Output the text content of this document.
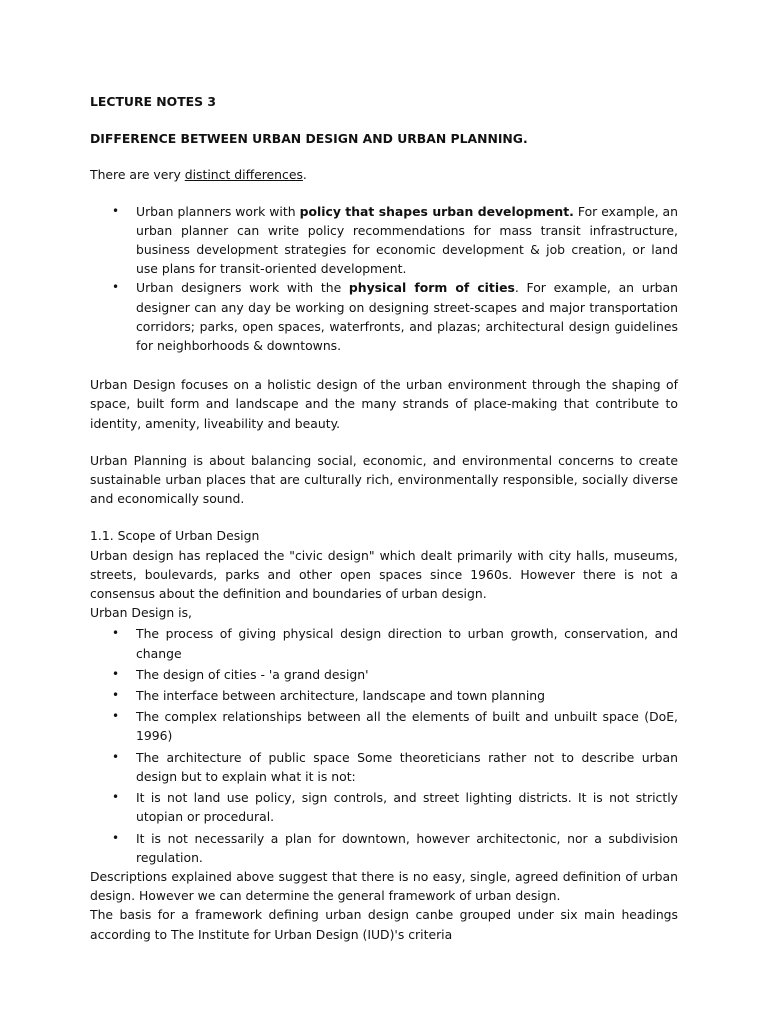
LECTURE NOTES 3

DIFFERENCE BETWEEN URBAN DESIGN AND URBAN PLANNING.

There are very distinct differences.

• Urban planners work with policy that shapes urban development. For example, an urban planner can write policy recommendations for mass transit infrastructure, business development strategies for economic development & job creation, or land use plans for transit-oriented development.
• Urban designers work with the physical form of cities. For example, an urban designer can any day be working on designing street-scapes and major transportation corridors; parks, open spaces, waterfronts, and plazas; architectural design guidelines for neighborhoods & downtowns.

Urban Design focuses on a holistic design of the urban environment through the shaping of space, built form and landscape and the many strands of place-making that contribute to identity, amenity, liveability and beauty.

Urban Planning is about balancing social, economic, and environmental concerns to create sustainable urban places that are culturally rich, environmentally responsible, socially diverse and economically sound.

1.1. Scope of Urban Design

Urban design has replaced the "civic design" which dealt primarily with city halls, museums, streets, boulevards, parks and other open spaces since 1960s. However there is not a consensus about the definition and boundaries of urban design.

Urban Design is,

• The process of giving physical design direction to urban growth, conservation, and change
• The design of cities - 'a grand design'
• The interface between architecture, landscape and town planning
• The complex relationships between all the elements of built and unbuilt space (DoE, 1996)
• The architecture of public space Some theoreticians rather not to describe urban design but to explain what it is not:
• It is not land use policy, sign controls, and street lighting districts. It is not strictly utopian or procedural.
• It is not necessarily a plan for downtown, however architectonic, nor a subdivision regulation.

Descriptions explained above suggest that there is no easy, single, agreed definition of urban design. However we can determine the general framework of urban design.

The basis for a framework defining urban design canbe grouped under six main headings according to The Institute for Urban Design (IUD)'s criteria
